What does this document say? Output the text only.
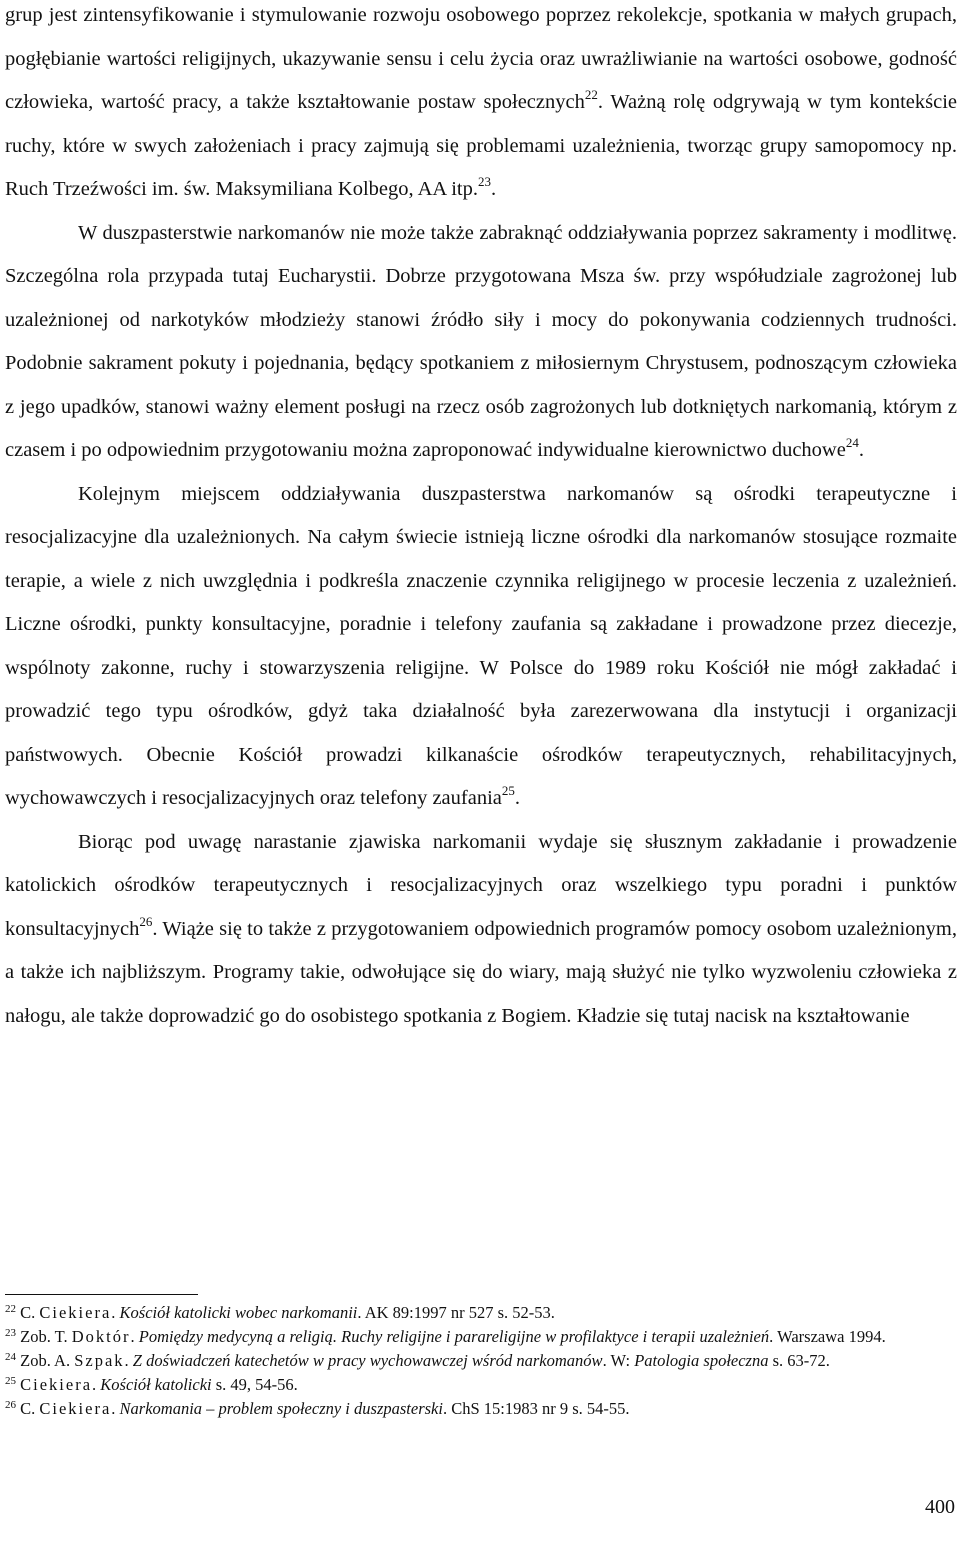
grup jest zintensyfikowanie i stymulowanie rozwoju osobowego poprzez rekolekcje, spotkania w małych grupach, pogłębianie wartości religijnych, ukazywanie sensu i celu życia oraz uwrażliwianie na wartości osobowe, godność człowieka, wartość pracy, a także kształtowanie postaw społecznych$^{22}$. Ważną rolę odgrywają w tym kontekście ruchy, które w swych założeniach i pracy zajmują się problemami uzależnienia, tworząc grupy samopomocy np. Ruch Trzeźwości im. św. Maksymiliana Kolbego, AA itp.$^{23}$.

W duszpasterstwie narkomanów nie może także zabraknąć oddziaływania poprzez sakramenty i modlitwę. Szczególna rola przypada tutaj Eucharystii. Dobrze przygotowana Msza św. przy współudziale zagrożonej lub uzależnionej od narkotyków młodzieży stanowi źródło siły i mocy do pokonywania codziennych trudności. Podobnie sakrament pokuty i pojednania, będący spotkaniem z miłosiernym Chrystusem, podnoszącym człowieka z jego upadków, stanowi ważny element posługi na rzecz osób zagrożonych lub dotkniętych narkomanią, którym z czasem i po odpowiednim przygotowaniu można zaproponować indywidualne kierownictwo duchowe$^{24}$.

Kolejnym miejscem oddziaływania duszpasterstwa narkomanów są ośrodki terapeutyczne i resocjalizacyjne dla uzależnionych. Na całym świecie istnieją liczne ośrodki dla narkomanów stosujące rozmaite terapie, a wiele z nich uwzględnia i podkreśla znaczenie czynnika religijnego w procesie leczenia z uzależnień. Liczne ośrodki, punkty konsultacyjne, poradnie i telefony zaufania są zakładane i prowadzone przez diecezje, wspólnoty zakonne, ruchy i stowarzyszenia religijne. W Polsce do 1989 roku Kościół nie mógł zakładać i prowadzić tego typu ośrodków, gdyż taka działalność była zarezerwowana dla instytucji i organizacji państwowych. Obecnie Kościół prowadzi kilkanaście ośrodków terapeutycznych, rehabilitacyjnych, wychowawczych i resocjalizacyjnych oraz telefony zaufania$^{25}$.

Biorąc pod uwagę narastanie zjawiska narkomanii wydaje się słusznym zakładanie i prowadzenie katolickich ośrodków terapeutycznych i resocjalizacyjnych oraz wszelkiego typu poradni i punktów konsultacyjnych$^{26}$. Wiąże się to także z przygotowaniem odpowiednich programów pomocy osobom uzależnionym, a także ich najbliższym. Programy takie, odwołujące się do wiary, mają służyć nie tylko wyzwoleniu człowieka z nałogu, ale także doprowadzić go do osobistego spotkania z Bogiem. Kładzie się tutaj nacisk na kształtowanie

$^{22}$ C. Ciekiera. Kościół katolicki wobec narkomanii. AK 89:1997 nr 527 s. 52-53.

$^{23}$ Zob. T. Doktór. Pomiędzy medycyną a religią. Ruchy religijne i parareligijne w profilaktyce i terapii uzależnień. Warszawa 1994.

$^{24}$ Zob. A. Szpak. Z doświadczeń katechetów w pracy wychowawczej wśród narkomanów. W: Patologia społeczna s. 63-72.

$^{25}$ Ciekiera. Kościół katolicki s. 49, 54-56.

$^{26}$ C. Ciekiera. Narkomania – problem społeczny i duszpasterski. ChS 15:1983 nr 9 s. 54-55.

400
